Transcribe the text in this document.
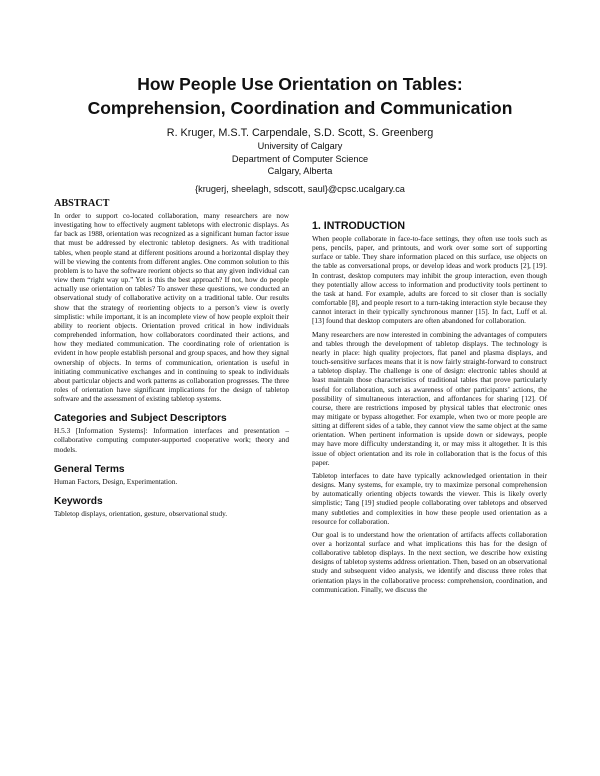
How People Use Orientation on Tables:
Comprehension, Coordination and Communication
R. Kruger, M.S.T. Carpendale, S.D. Scott, S. Greenberg
University of Calgary
Department of Computer Science
Calgary, Alberta
{krugerj, sheelagh, sdscott, saul}@cpsc.ucalgary.ca
ABSTRACT

In order to support co-located collaboration, many researchers are now investigating how to effectively augment tabletops with electronic displays. As far back as 1988, orientation was recognized as a significant human factor issue that must be addressed by electronic tabletop designers. As with traditional tables, when people stand at different positions around a horizontal display they will be viewing the contents from different angles. One common solution to this problem is to have the software reorient objects so that any given individual can view them “right way up.” Yet is this the best approach? If not, how do people actually use orientation on tables? To answer these questions, we conducted an observational study of collaborative activity on a traditional table. Our results show that the strategy of reorienting objects to a person’s view is overly simplistic: while important, it is an incomplete view of how people exploit their ability to reorient objects. Orientation proved critical in how individuals comprehended information, how collaborators coordinated their actions, and how they mediated communication. The coordinating role of orientation is evident in how people establish personal and group spaces, and how they signal ownership of objects. In terms of communication, orientation is useful in initiating communicative exchanges and in continuing to speak to individuals about particular objects and work patterns as collaboration progresses. The three roles of orientation have significant implications for the design of tabletop software and the assessment of existing tabletop systems.

Categories and Subject Descriptors

H.5.3 [Information Systems]: Information interfaces and presentation – collaborative computing computer-supported cooperative work; theory and models.

General Terms

Human Factors, Design, Experimentation.

Keywords

Tabletop displays, orientation, gesture, observational study.

1. INTRODUCTION

When people collaborate in face-to-face settings, they often use tools such as pens, pencils, paper, and printouts, and work over some sort of supporting surface or table. They share information placed on this surface, use objects on the table as conversational props, or develop ideas and work products [2], [19]. In contrast, desktop computers may inhibit the group interaction, even though they potentially allow access to information and productivity tools pertinent to the task at hand. For example, adults are forced to sit closer than is socially comfortable [8], and people resort to a turn-taking interaction style because they cannot interact in their typically synchronous manner [15]. In fact, Luff et al. [13] found that desktop computers are often abandoned for collaboration.

Many researchers are now interested in combining the advantages of computers and tables through the development of tabletop displays. The technology is nearly in place: high quality projectors, flat panel and plasma displays, and touch-sensitive surfaces means that it is now fairly straight-forward to construct a tabletop display. The challenge is one of design: electronic tables should at least maintain those characteristics of traditional tables that prove particularly useful for collaboration, such as awareness of other participants’ actions, the possibility of simultaneous interaction, and affordances for sharing [12]. Of course, there are restrictions imposed by physical tables that electronic ones may mitigate or bypass altogether. For example, when two or more people are sitting at different sides of a table, they cannot view the same object at the same orientation. When pertinent information is upside down or sideways, people may have more difficulty understanding it, or may miss it altogether. It is this issue of object orientation and its role in collaboration that is the focus of this paper.

Tabletop interfaces to date have typically acknowledged orientation in their designs. Many systems, for example, try to maximize personal comprehension by automatically orienting objects towards the viewer. This is likely overly simplistic; Tang [19] studied people collaborating over tabletops and observed many subtleties and complexities in how these people used orientation as a resource for collaboration.

Our goal is to understand how the orientation of artifacts affects collaboration over a horizontal surface and what implications this has for the design of collaborative tabletop displays. In the next section, we describe how existing designs of tabletop systems address orientation. Then, based on an observational study and subsequent video analysis, we identify and discuss three roles that orientation plays in the collaborative process: comprehension, coordination, and communication. Finally, we discuss the
